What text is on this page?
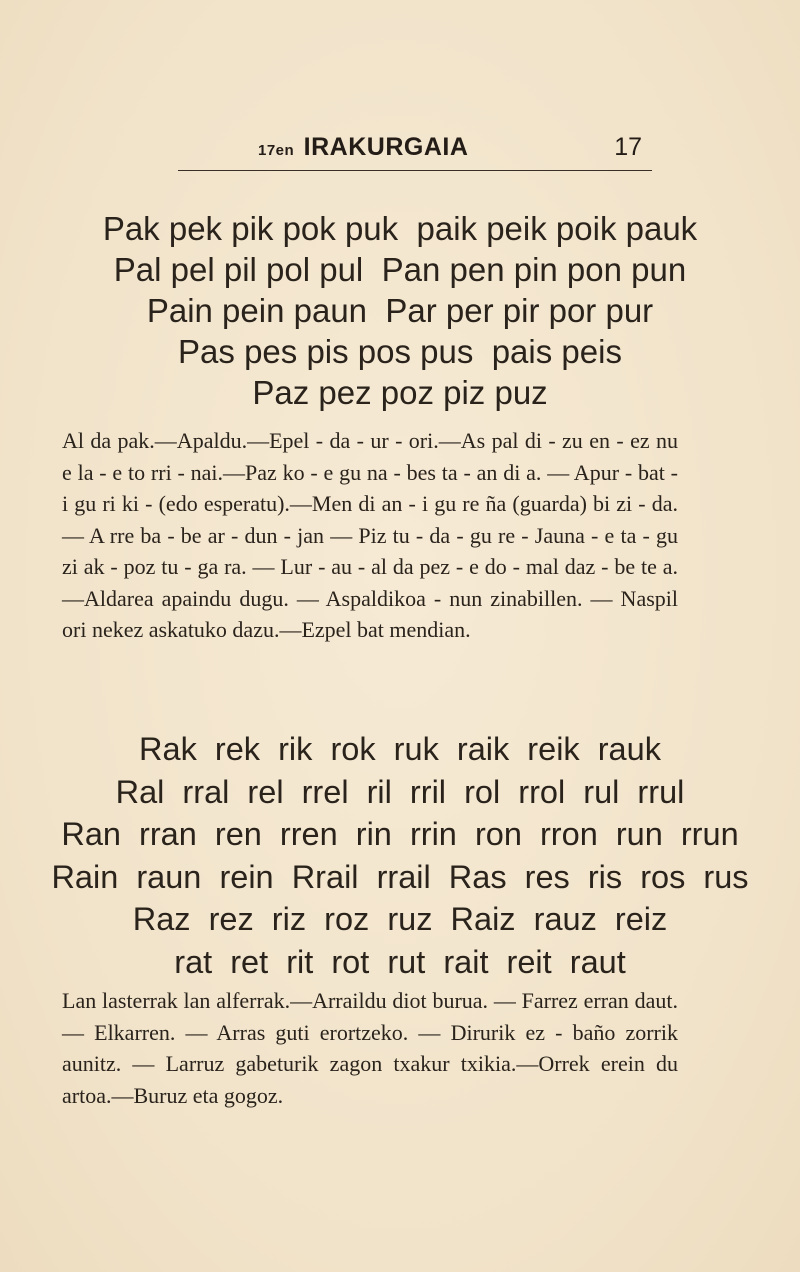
17en IRAKURGAIA	17
Pak pek pik pok puk  paik peik poik pauk
Pal pel pil pol pul  Pan pen pin pon pun
Pain pein paun  Par per pir por pur
Pas pes pis pos pus  pais peis
Paz pez poz piz puz
Al da pak.—Apaldu.—Epel - da - ur - ori.—As pal di - zu en - ez nu e la - e to rri - nai.—Paz ko - e gu na - bes ta - an di a. — Apur - bat - i gu ri ki - (edo esperatu).—Men di an - i gu re ña (guarda) bi zi - da. — A rre ba - be ar - dun - jan — Piz tu - da - gu re - Jauna - e ta - gu zi ak - poz tu - ga ra. — Lur - au - al da pez - e do - mal daz - be te a.—Aldarea apaindu dugu. — Aspaldikoa - nun zinabillen. — Naspil ori nekez askatuko dazu.—Ezpel bat mendian.
Rak  rek  rik  rok  ruk  raik  reik  rauk
Ral  rral  rel  rrel  ril  rril  rol  rrol  rul  rrul
Ran  rran  ren  rren  rin  rrin  ron  rron  run  rrun
Rain  raun  rein  Rrail  rrail  Ras  res  ris  ros  rus
Raz  rez  riz  roz  ruz  Raiz  rauz  reiz
rat  ret  rit  rot  rut  rait  reit  raut
Lan lasterrak lan alferrak.—Arraildu diot burua. — Farrez erran daut. — Elkarren. — Arras guti erortzeko. — Dirurik ez - baño zorrik aunitz. — Larruz gabeturik zagon txakur txikia.—Orrek erein du artoa.—Buruz eta gogoz.
